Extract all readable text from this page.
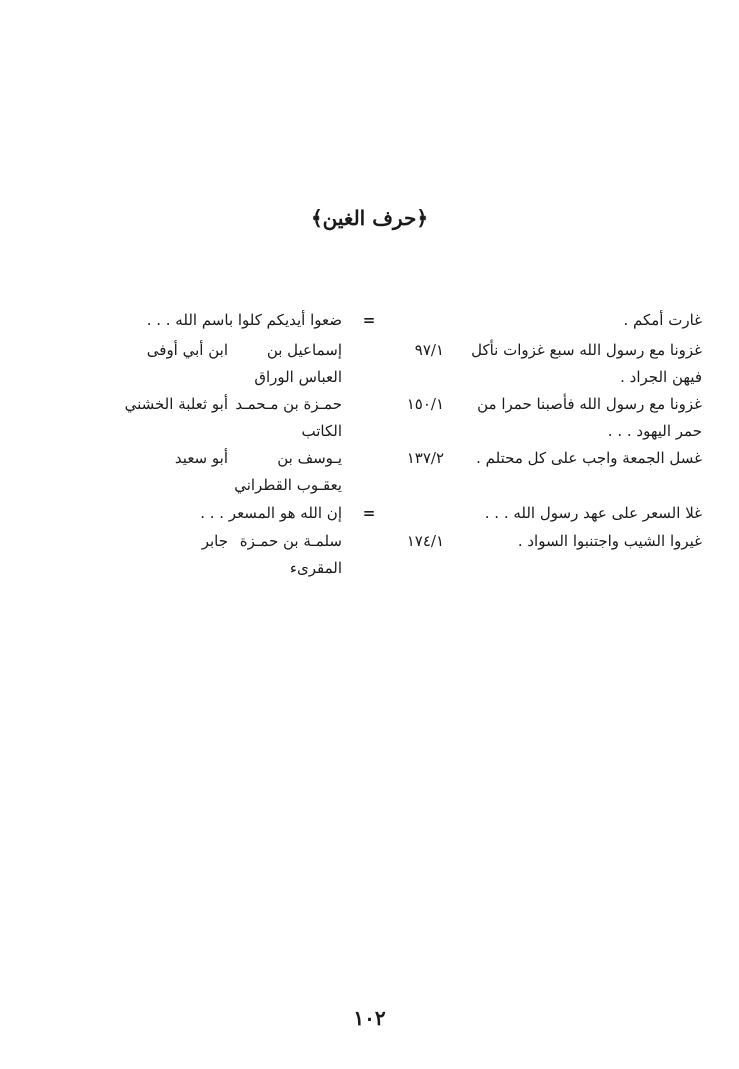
﴿حرف الغين﴾
غارت أمكم .
=
ضعوا أيديكم كلوا باسم الله . . .
غزونا مع رسول الله سبع غزوات نأكل فيهن الجراد .
٩٧/١
إسماعيل بن العباس الوراق
ابن أبي أوفى
غزونا مع رسول الله فأصبنا حمرا من حمر اليهود . . .
١٥٠/١
حمـزة بن مـحمـد الكاتب
أبو ثعلبة الخشني
غسل الجمعة واجب على كل محتلم .
١٣٧/٢
يـوسف بن يعقـوب القطراني
أبو سعيد
غلا السعر على عهد رسول الله . . .
=
إن الله هو المسعر . . .
غيروا الشيب واجتنبوا السواد .
١٧٤/١
سلمـة بن حمـزة المقرىء
جابر
١٠٢
